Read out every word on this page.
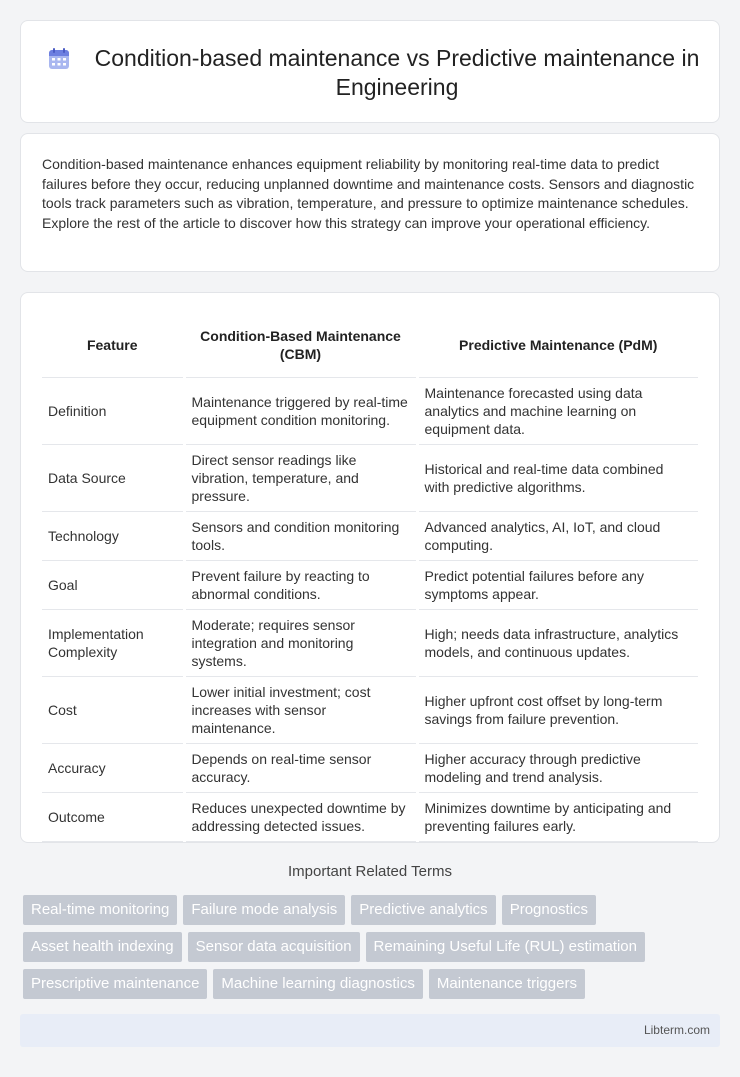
Condition-based maintenance vs Predictive maintenance in Engineering

Condition-based maintenance enhances equipment reliability by monitoring real-time data to predict failures before they occur, reducing unplanned downtime and maintenance costs. Sensors and diagnostic tools track parameters such as vibration, temperature, and pressure to optimize maintenance schedules. Explore the rest of the article to discover how this strategy can improve your operational efficiency.

Feature	Condition-Based Maintenance (CBM)	Predictive Maintenance (PdM)
Definition	Maintenance triggered by real-time equipment condition monitoring.	Maintenance forecasted using data analytics and machine learning on equipment data.
Data Source	Direct sensor readings like vibration, temperature, and pressure.	Historical and real-time data combined with predictive algorithms.
Technology	Sensors and condition monitoring tools.	Advanced analytics, AI, IoT, and cloud computing.
Goal	Prevent failure by reacting to abnormal conditions.	Predict potential failures before any symptoms appear.
Implementation Complexity	Moderate; requires sensor integration and monitoring systems.	High; needs data infrastructure, analytics models, and continuous updates.
Cost	Lower initial investment; cost increases with sensor maintenance.	Higher upfront cost offset by long-term savings from failure prevention.
Accuracy	Depends on real-time sensor accuracy.	Higher accuracy through predictive modeling and trend analysis.
Outcome	Reduces unexpected downtime by addressing detected issues.	Minimizes downtime by anticipating and preventing failures early.
Important Related Terms
Real-time monitoring	Failure mode analysis	Predictive analytics	Prognostics
Asset health indexing	Sensor data acquisition	Remaining Useful Life (RUL) estimation
Prescriptive maintenance	Machine learning diagnostics	Maintenance triggers
Libterm.com
